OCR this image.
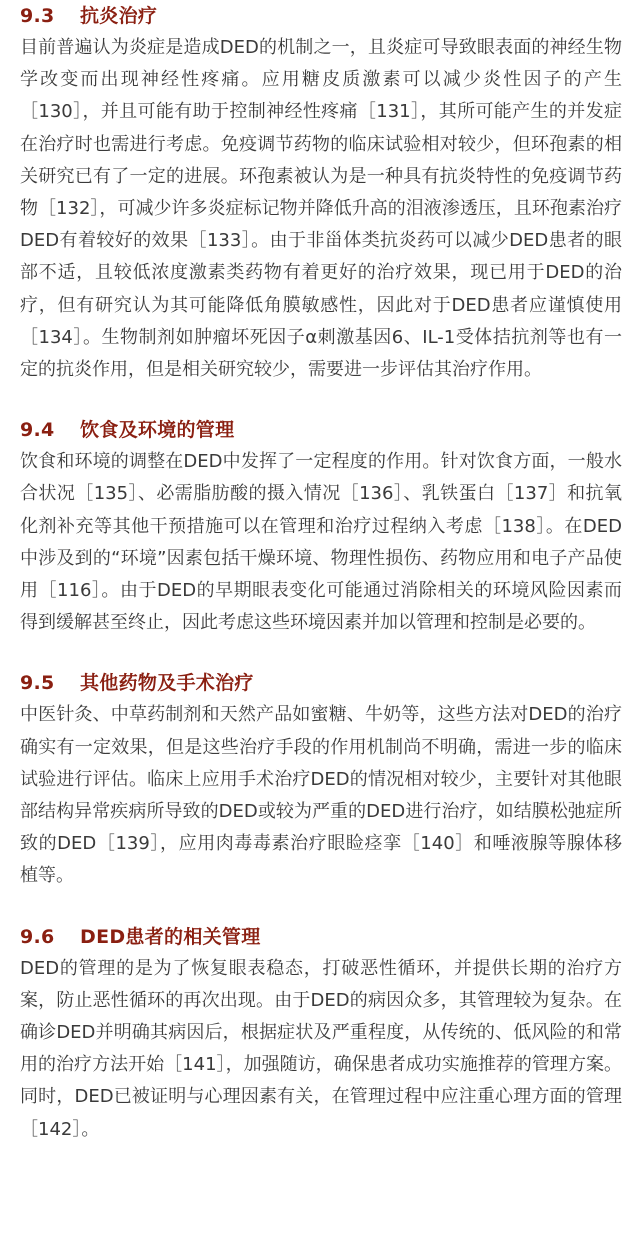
9.3 抗炎治疗

目前普遍认为炎症是造成DED的机制之一，且炎症可导致眼表面的神经生物学改变而出现神经性疼痛。应用糖皮质激素可以减少炎性因子的产生［130］，并且可能有助于控制神经性疼痛［131］，其所可能产生的并发症在治疗时也需进行考虑。免疫调节药物的临床试验相对较少，但环孢素的相关研究已有了一定的进展。环孢素被认为是一种具有抗炎特性的免疫调节药物［132］，可减少许多炎症标记物并降低升高的泪液渗透压，且环孢素治疗DED有着较好的效果［133］。由于非甾体类抗炎药可以减少DED患者的眼部不适，且较低浓度激素类药物有着更好的治疗效果，现已用于DED的治疗，但有研究认为其可能降低角膜敏感性，因此对于DED患者应谨慎使用［134］。生物制剂如肿瘤坏死因子α刺激基因6、IL-1受体拮抗剂等也有一定的抗炎作用，但是相关研究较少，需要进一步评估其治疗作用。

9.4 饮食及环境的管理

饮食和环境的调整在DED中发挥了一定程度的作用。针对饮食方面，一般水合状况［135］、必需脂肪酸的摄入情况［136］、乳铁蛋白［137］和抗氧化剂补充等其他干预措施可以在管理和治疗过程纳入考虑［138］。在DED中涉及到的“环境”因素包括干燥环境、物理性损伤、药物应用和电子产品使用［116］。由于DED的早期眼表变化可能通过消除相关的环境风险因素而得到缓解甚至终止，因此考虑这些环境因素并加以管理和控制是必要的。

9.5 其他药物及手术治疗

中医针灸、中草药制剂和天然产品如蜜糖、牛奶等，这些方法对DED的治疗确实有一定效果，但是这些治疗手段的作用机制尚不明确，需进一步的临床试验进行评估。临床上应用手术治疗DED的情况相对较少，主要针对其他眼部结构异常疾病所导致的DED或较为严重的DED进行治疗，如结膜松弛症所致的DED［139］，应用肉毒毒素治疗眼睑痉挛［140］和唾液腺等腺体移植等。

9.6 DED患者的相关管理

DED的管理的是为了恢复眼表稳态，打破恶性循环，并提供长期的治疗方案，防止恶性循环的再次出现。由于DED的病因众多，其管理较为复杂。在确诊DED并明确其病因后，根据症状及严重程度，从传统的、低风险的和常用的治疗方法开始［141］，加强随访，确保患者成功实施推荐的管理方案。同时，DED已被证明与心理因素有关，在管理过程中应注重心理方面的管理［142］。
